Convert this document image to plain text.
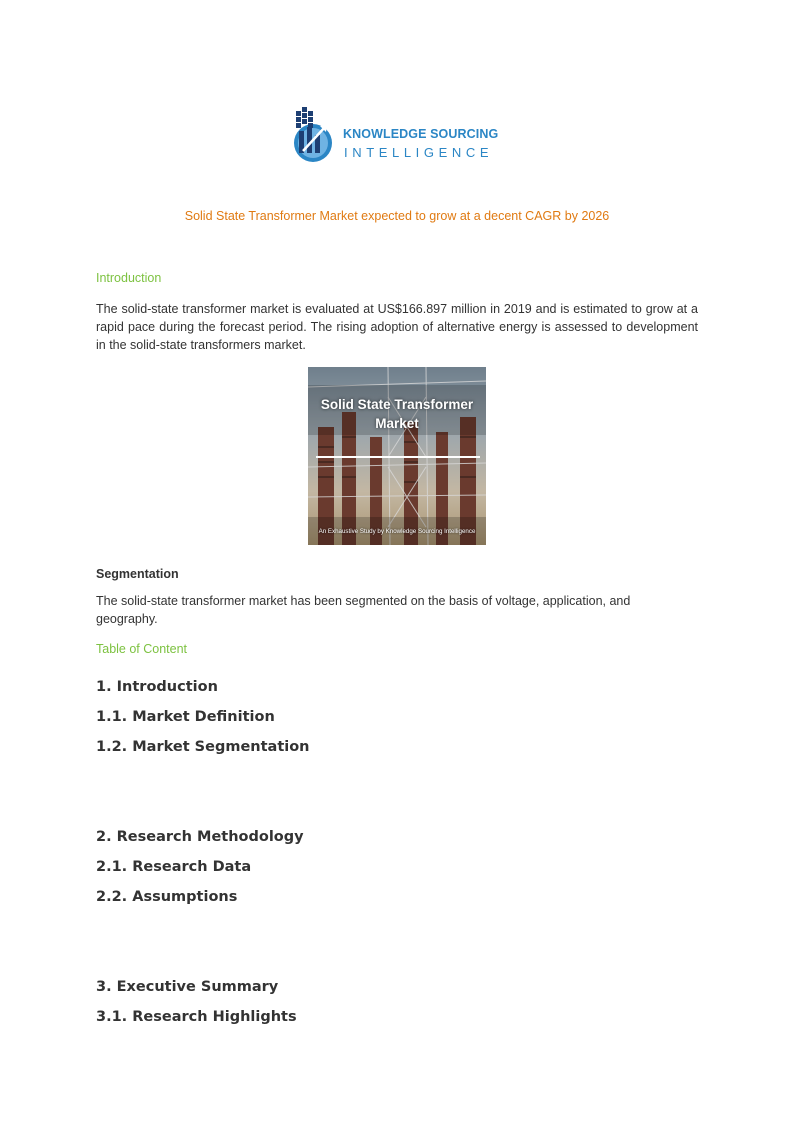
KNOWLEDGE SOURCING
INTELLIGENCE
Solid State Transformer Market expected to grow at a decent CAGR by 2026
Introduction
The solid-state transformer market is evaluated at US$166.897 million in 2019 and is estimated to grow at a rapid pace during the forecast period. The rising adoption of alternative energy is assessed to development in the solid-state transformers market.
Solid State Transformer
Market
An Exhaustive Study by Knowledge Sourcing Intelligence
Segmentation
The solid-state transformer market has been segmented on the basis of voltage, application, and geography.
Table of Content
1. Introduction
1.1. Market Definition
1.2. Market Segmentation
2. Research Methodology
2.1. Research Data
2.2. Assumptions
3. Executive Summary
3.1. Research Highlights
